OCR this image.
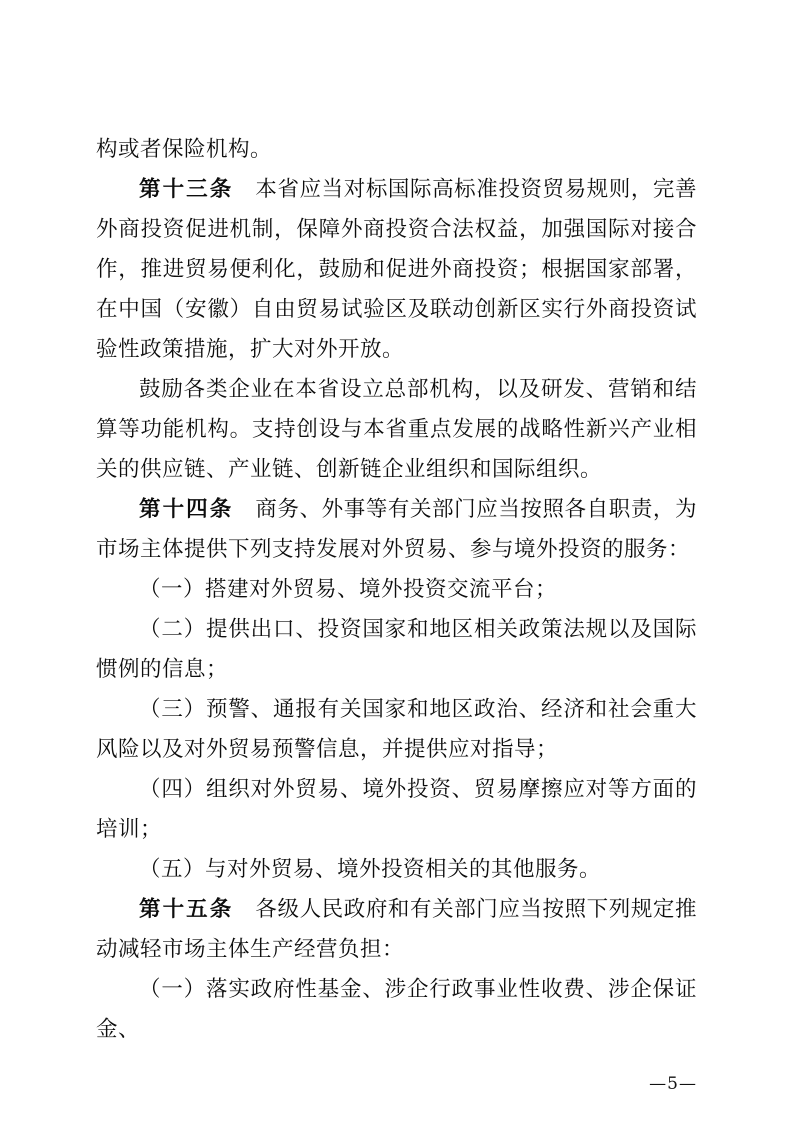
构或者保险机构。

第十三条　本省应当对标国际高标准投资贸易规则，完善外商投资促进机制，保障外商投资合法权益，加强国际对接合作，推进贸易便利化，鼓励和促进外商投资；根据国家部署，在中国（安徽）自由贸易试验区及联动创新区实行外商投资试验性政策措施，扩大对外开放。

鼓励各类企业在本省设立总部机构，以及研发、营销和结算等功能机构。支持创设与本省重点发展的战略性新兴产业相关的供应链、产业链、创新链企业组织和国际组织。

第十四条　商务、外事等有关部门应当按照各自职责，为市场主体提供下列支持发展对外贸易、参与境外投资的服务：

（一）搭建对外贸易、境外投资交流平台；

（二）提供出口、投资国家和地区相关政策法规以及国际惯例的信息；

（三）预警、通报有关国家和地区政治、经济和社会重大风险以及对外贸易预警信息，并提供应对指导；

（四）组织对外贸易、境外投资、贸易摩擦应对等方面的培训；

（五）与对外贸易、境外投资相关的其他服务。

第十五条　各级人民政府和有关部门应当按照下列规定推动减轻市场主体生产经营负担：

（一）落实政府性基金、涉企行政事业性收费、涉企保证金、

—5—
